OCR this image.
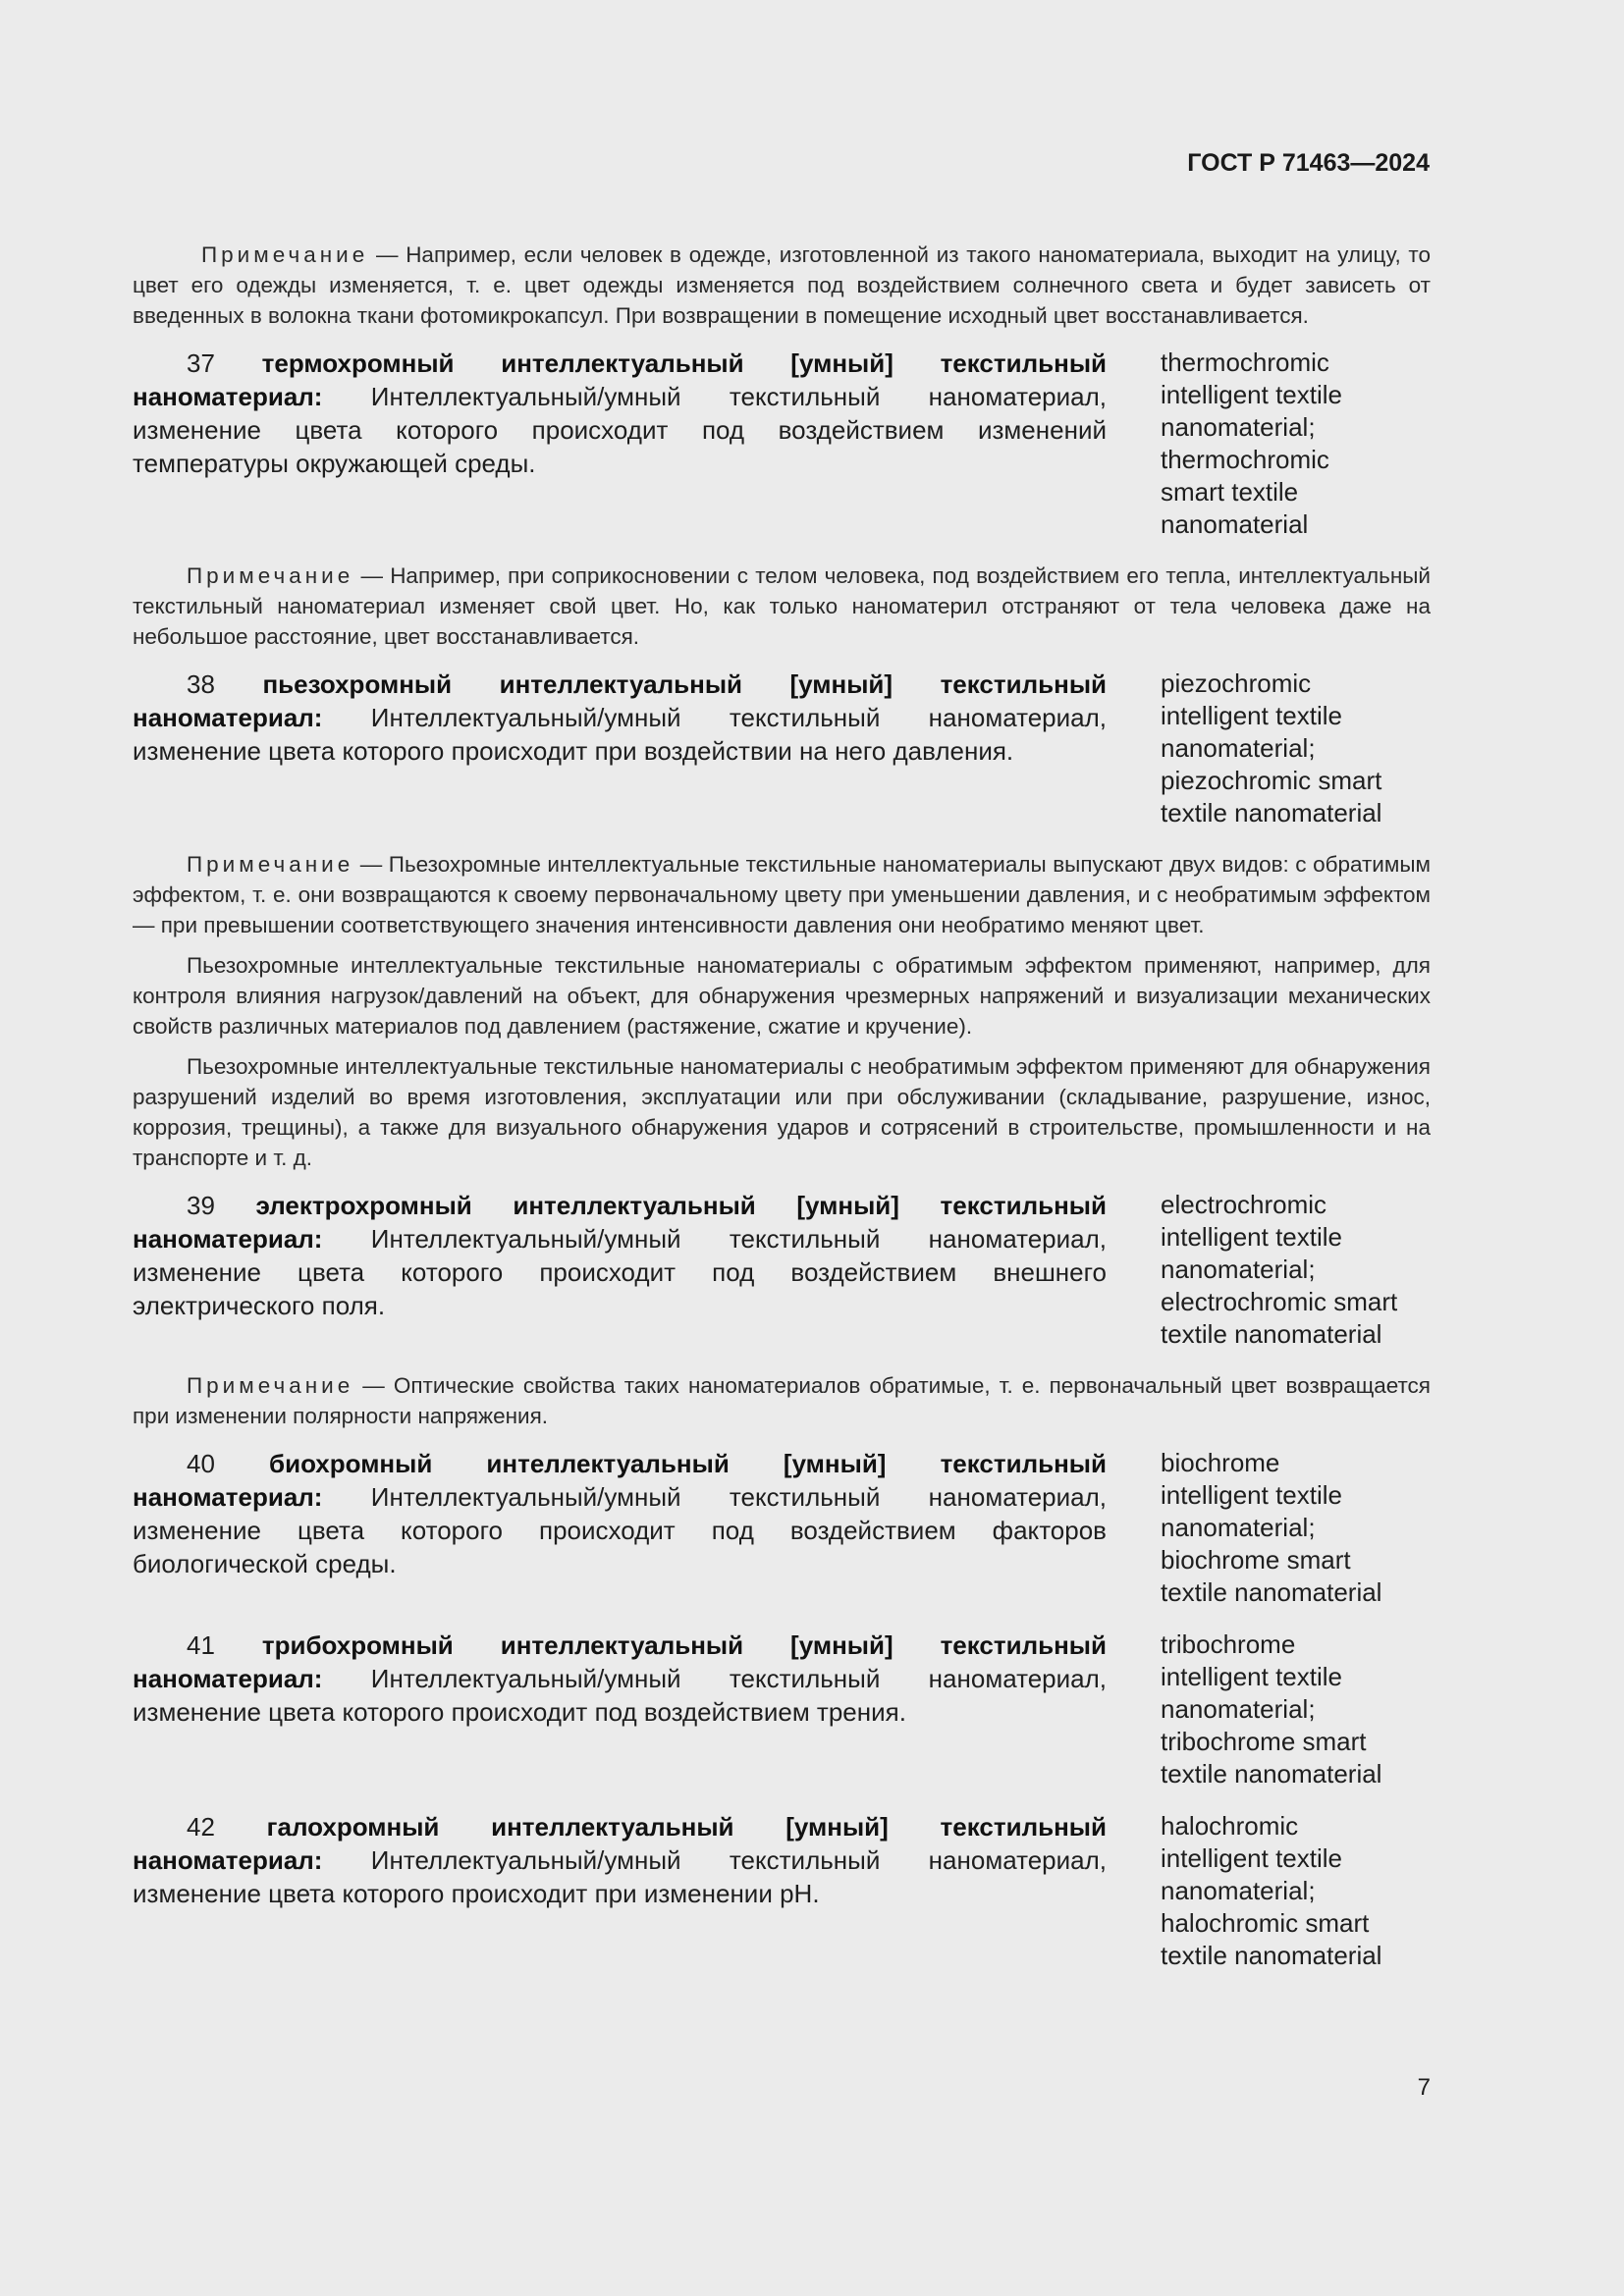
ГОСТ Р 71463—2024

Примечание — Например, если человек в одежде, изготовленной из такого наноматериала, выходит на улицу, то цвет его одежды изменяется, т. е. цвет одежды изменяется под воздействием солнечного света и будет зависеть от введенных в волокна ткани фотомикрокапсул. При возвращении в помещение исходный цвет восстанавливается.

37 термохромный интеллектуальный [умный] текстильный наноматериал: Интеллектуальный/умный текстильный наноматериал, изменение цвета которого происходит под воздействием изменений температуры окружающей среды.
thermochromic
intelligent textile
nanomaterial;
thermochromic
smart textile
nanomaterial

Примечание — Например, при соприкосновении с телом человека, под воздействием его тепла, интеллектуальный текстильный наноматериал изменяет свой цвет. Но, как только наноматерил отстраняют от тела человека даже на небольшое расстояние, цвет восстанавливается.

38 пьезохромный интеллектуальный [умный] текстильный наноматериал: Интеллектуальный/умный текстильный наноматериал, изменение цвета которого происходит при воздействии на него давления.
piezochromic
intelligent textile
nanomaterial;
piezochromic smart
textile nanomaterial

Примечание — Пьезохромные интеллектуальные текстильные наноматериалы выпускают двух видов: с обратимым эффектом, т. е. они возвращаются к своему первоначальному цвету при уменьшении давления, и с необратимым эффектом — при превышении соответствующего значения интенсивности давления они необратимо меняют цвет.

Пьезохромные интеллектуальные текстильные наноматериалы с обратимым эффектом применяют, например, для контроля влияния нагрузок/давлений на объект, для обнаружения чрезмерных напряжений и визуализации механических свойств различных материалов под давлением (растяжение, сжатие и кручение).

Пьезохромные интеллектуальные текстильные наноматериалы с необратимым эффектом применяют для обнаружения разрушений изделий во время изготовления, эксплуатации или при обслуживании (складывание, разрушение, износ, коррозия, трещины), а также для визуального обнаружения ударов и сотрясений в строительстве, промышленности и на транспорте и т. д.

39 электрохромный интеллектуальный [умный] текстильный наноматериал: Интеллектуальный/умный текстильный наноматериал, изменение цвета которого происходит под воздействием внешнего электрического поля.
electrochromic
intelligent textile
nanomaterial;
electrochromic smart
textile nanomaterial

Примечание — Оптические свойства таких наноматериалов обратимые, т. е. первоначальный цвет возвращается при изменении полярности напряжения.

40 биохромный интеллектуальный [умный] текстильный наноматериал: Интеллектуальный/умный текстильный наноматериал, изменение цвета которого происходит под воздействием факторов биологической среды.
biochrome
intelligent textile
nanomaterial;
biochrome smart
textile nanomaterial
41 трибохромный интеллектуальный [умный] текстильный наноматериал: Интеллектуальный/умный текстильный наноматериал, изменение цвета которого происходит под воздействием трения.
tribochrome
intelligent textile
nanomaterial;
tribochrome smart
textile nanomaterial
42 галохромный интеллектуальный [умный] текстильный наноматериал: Интеллектуальный/умный текстильный наноматериал, изменение цвета которого происходит при изменении pH.
halochromic
intelligent textile
nanomaterial;
halochromic smart
textile nanomaterial
7
